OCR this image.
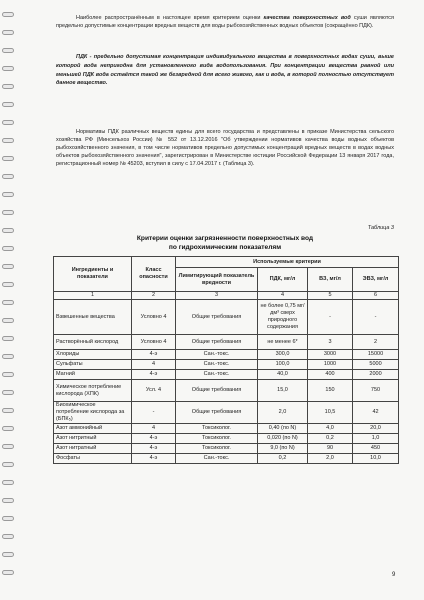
Наиболее распространённым в настоящее время критерием оценки качества поверхностных вод суши являются предельно допустимые концентрации вредных веществ для воды рыбохозяйственных водных объектов (сокращённо ПДК).

ПДК - предельно допустимая концентрация индивидуального вещества в поверхностных водах суши, выше которой вода непригодна для установленного вида водопользования. При концентрации вещества равной или меньшей ПДК вода остаётся такой же безвредной для всего живого, как и вода, в которой полностью отсутствует данное вещество.

Нормативы ПДК различных веществ едины для всего государства и представлены в приказе Министерства сельского хозяйства РФ (Минсельхоз России) № 552 от 13.12.2016 "Об утверждении нормативов качества воды водных объектов рыбохозяйственного значения, в том числе нормативов предельно допустимых концентраций вредных веществ в водах водных объектов рыбохозяйственного значения", зарегистрирован в Министерстве юстиции Российской Федерации 13 января 2017 года, регистрационный номер № 45203, вступил в силу с 17.04.2017 г. (Таблица 3).

Таблица 3
Критерии оценки загрязненности поверхностных вод
по гидрохимическим показателям
Ингредиенты и показатели	Класс опасности	Используемые критерии			
		Лимитирующий показатель вредности	ПДК, мг/л	ВЗ, мг/л	ЭВЗ, мг/л
1	2	3	4	5	6
Взвешенные вещества	Условно 4	Общие требования	не более 0,75 мг/дм³ сверх природного содержания	-	-
Растворённый кислород	Условно 4	Общие требования	не менее 6*	3	2
Хлориды	4-э	Сан.-токс.	300,0	3000	15000
Сульфаты	4	Сан.-токс.	100,0	1000	5000
Магний	4-э	Сан.-токс.	40,0	400	2000
Химическое потребление кислорода (ХПК)	Усл. 4	Общие требования	15,0	150	750
Биохимическое потребление кислорода за (БПК₅)	-	Общие требования	2,0	10,5	42
Азот аммонийный	4	Токсиколог.	0,40 (по N)	4,0	20,0
Азот нитритный	4-э	Токсиколог.	0,020 (по N)	0,2	1,0
Азот нитратный	4-э	Токсиколог.	9,0 (по N)	90	450
Фосфаты	4-э	Сан.-токс.	0,2	2,0	10,0
9
